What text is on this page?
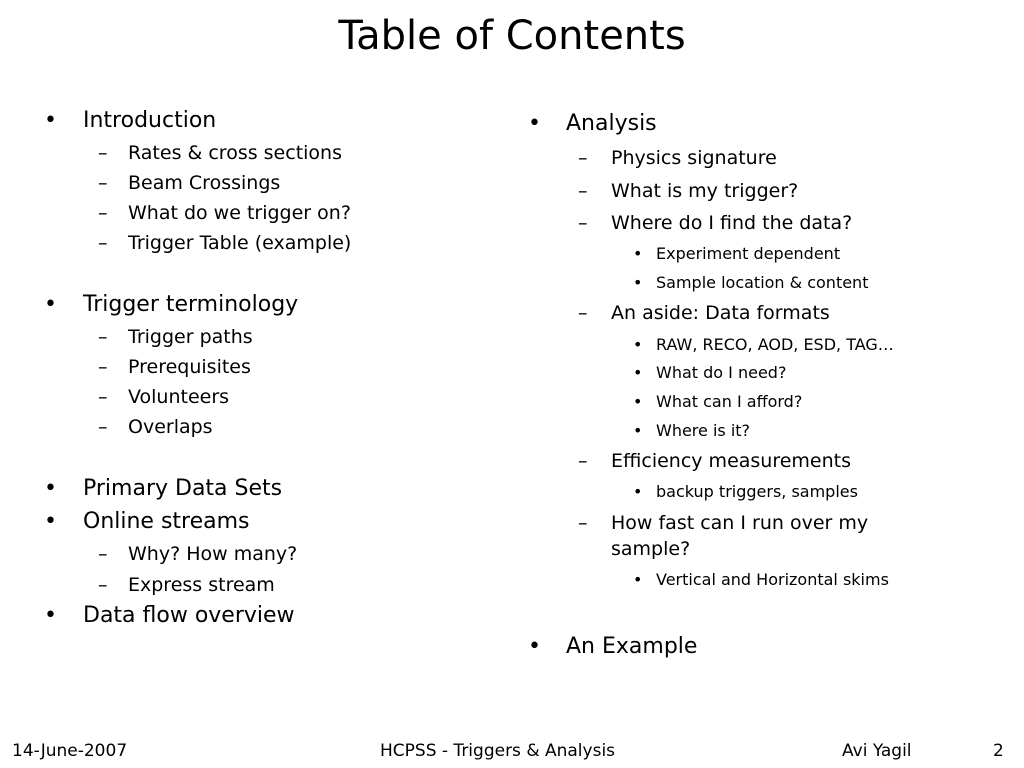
Table of Contents
• Introduction
– Rates & cross sections
– Beam Crossings
– What do we trigger on?
– Trigger Table (example)
• Trigger terminology
– Trigger paths
– Prerequisites
– Volunteers
– Overlaps
• Primary Data Sets
• Online streams
– Why? How many?
– Express stream
• Data flow overview
• Analysis
– Physics signature
– What is my trigger?
– Where do I find the data?
• Experiment dependent
• Sample location & content
– An aside: Data formats
• RAW, RECO, AOD, ESD, TAG…
• What do I need?
• What can I afford?
• Where is it?
– Efficiency measurements
• backup triggers, samples
– How fast can I run over my
sample?
• Vertical and Horizontal skims
• An Example
14-June-2007	HCPSS - Triggers & Analysis	Avi Yagil	2
